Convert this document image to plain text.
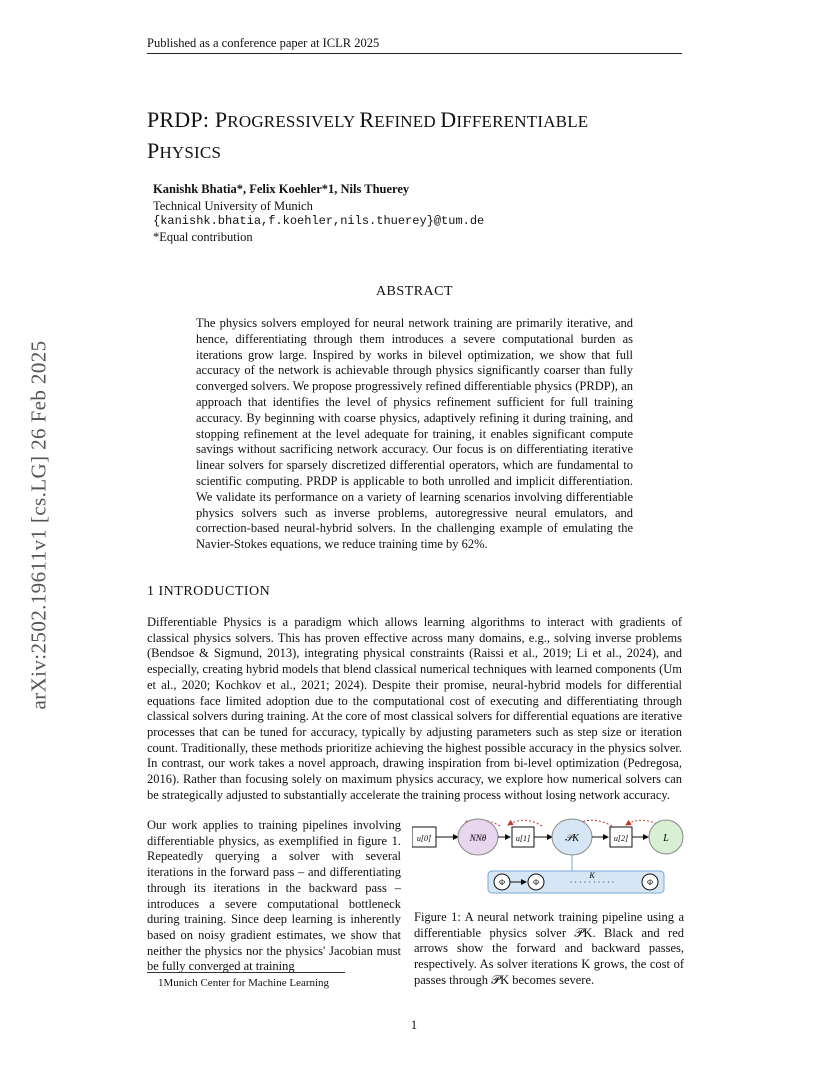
Published as a conference paper at ICLR 2025
PRDP: PROGRESSIVELY REFINED DIFFERENTIABLE
PHYSICS
Kanishk Bhatia*, Felix Koehler*1, Nils Thuerey
Technical University of Munich
{kanishk.bhatia,f.koehler,nils.thuerey}@tum.de
*Equal contribution
arXiv:2502.19611v1 [cs.LG] 26 Feb 2025
ABSTRACT
The physics solvers employed for neural network training are primarily iterative, and hence, differentiating through them introduces a severe computational burden as iterations grow large. Inspired by works in bilevel optimization, we show that full accuracy of the network is achievable through physics significantly coarser than fully converged solvers. We propose progressively refined differentiable physics (PRDP), an approach that identifies the level of physics refinement sufficient for full training accuracy. By beginning with coarse physics, adaptively refining it during training, and stopping refinement at the level adequate for training, it enables significant compute savings without sacrificing network accuracy. Our focus is on differentiating iterative linear solvers for sparsely discretized differential operators, which are fundamental to scientific computing. PRDP is applicable to both unrolled and implicit differentiation. We validate its performance on a variety of learning scenarios involving differentiable physics solvers such as inverse problems, autoregressive neural emulators, and correction-based neural-hybrid solvers. In the challenging example of emulating the Navier-Stokes equations, we reduce training time by 62%.
1 INTRODUCTION
Differentiable Physics is a paradigm which allows learning algorithms to interact with gradients of classical physics solvers. This has proven effective across many domains, e.g., solving inverse problems (Bendsoe & Sigmund, 2013), integrating physical constraints (Raissi et al., 2019; Li et al., 2024), and especially, creating hybrid models that blend classical numerical techniques with learned components (Um et al., 2020; Kochkov et al., 2021; 2024). Despite their promise, neural-hybrid models for differential equations face limited adoption due to the computational cost of executing and differentiating through classical solvers during training. At the core of most classical solvers for differential equations are iterative processes that can be tuned for accuracy, typically by adjusting parameters such as step size or iteration count. Traditionally, these methods prioritize achieving the highest possible accuracy in the physics solver. In contrast, our work takes a novel approach, drawing inspiration from bi-level optimization (Pedregosa, 2016). Rather than focusing solely on maximum physics accuracy, we explore how numerical solvers can be strategically adjusted to substantially accelerate the training process without losing network accuracy.
Our work applies to training pipelines involving differentiable physics, as exemplified in figure 1. Repeatedly querying a solver with several iterations in the forward pass – and differentiating through its iterations in the backward pass – introduces a severe computational bottleneck during training. Since deep learning is inherently based on noisy gradient estimates, we show that neither the physics nor the physics' Jacobian must be fully converged at training
1Munich Center for Machine Learning
u[0]	NNθ	u[1]	𝒫K	u[2]	L
Φ	Φ	· · · · · · · · · ·
K
Φ
Figure 1: A neural network training pipeline using a differentiable physics solver 𝒫K. Black and red arrows show the forward and backward passes, respectively. As solver iterations K grows, the cost of passes through 𝒫K becomes severe.
1
